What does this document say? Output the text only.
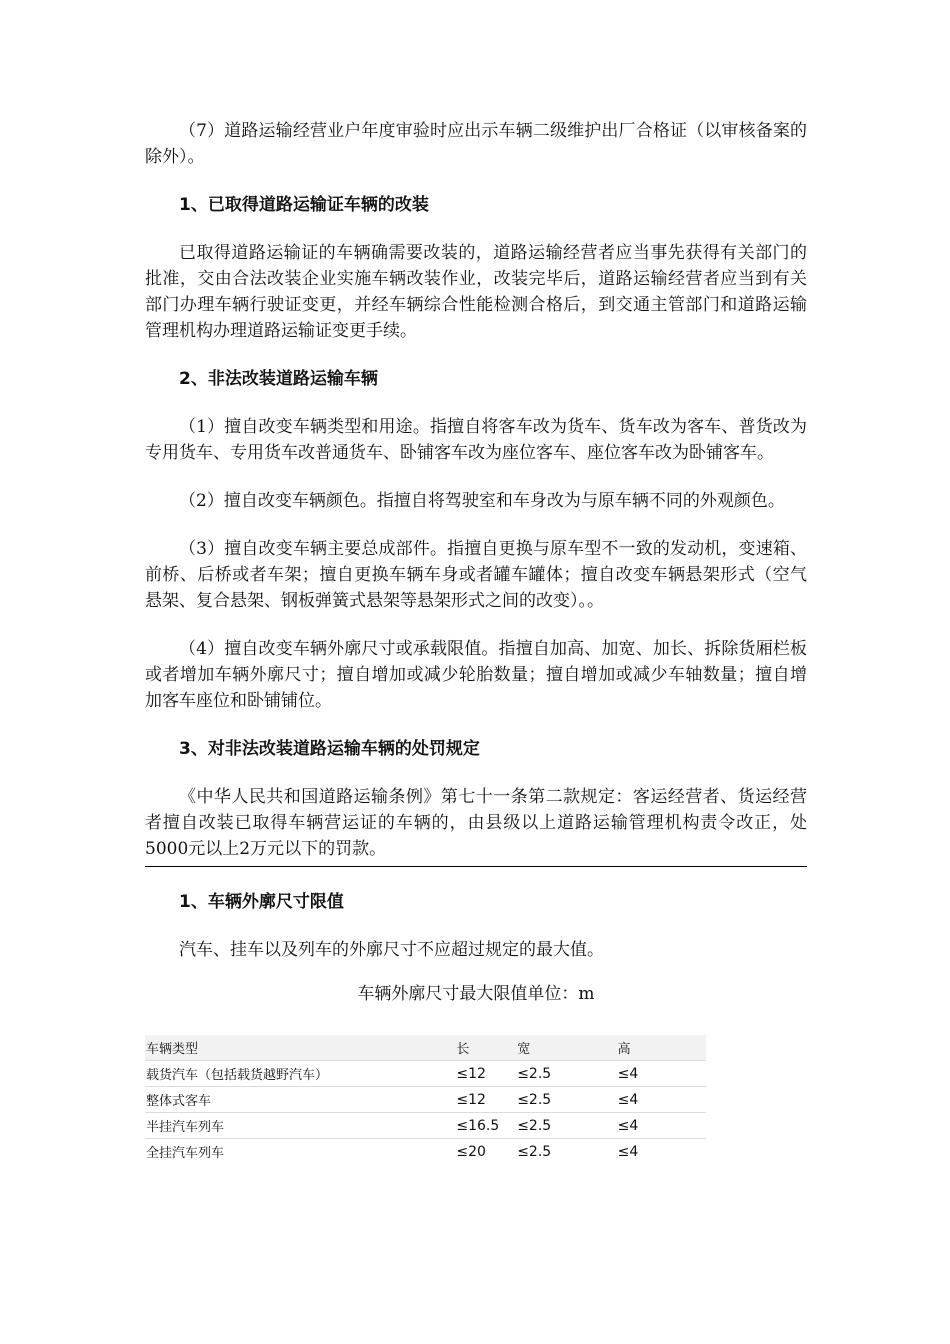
（7）道路运输经营业户年度审验时应出示车辆二级维护出厂合格证（以审核备案的除外）。

1、已取得道路运输证车辆的改装

已取得道路运输证的车辆确需要改装的，道路运输经营者应当事先获得有关部门的批准，交由合法改装企业实施车辆改装作业，改装完毕后，道路运输经营者应当到有关部门办理车辆行驶证变更，并经车辆综合性能检测合格后，到交通主管部门和道路运输管理机构办理道路运输证变更手续。

2、非法改装道路运输车辆

（1）擅自改变车辆类型和用途。指擅自将客车改为货车、货车改为客车、普货改为专用货车、专用货车改普通货车、卧铺客车改为座位客车、座位客车改为卧铺客车。

（2）擅自改变车辆颜色。指擅自将驾驶室和车身改为与原车辆不同的外观颜色。

（3）擅自改变车辆主要总成部件。指擅自更换与原车型不一致的发动机，变速箱、前桥、后桥或者车架；擅自更换车辆车身或者罐车罐体；擅自改变车辆悬架形式（空气悬架、复合悬架、钢板弹簧式悬架等悬架形式之间的改变）。。

（4）擅自改变车辆外廓尺寸或承载限值。指擅自加高、加宽、加长、拆除货厢栏板或者增加车辆外廓尺寸；擅自增加或减少轮胎数量；擅自增加或减少车轴数量；擅自增加客车座位和卧铺铺位。

3、对非法改装道路运输车辆的处罚规定

《中华人民共和国道路运输条例》第七十一条第二款规定：客运经营者、货运经营者擅自改装已取得车辆营运证的车辆的，由县级以上道路运输管理机构责令改正，处5000元以上2万元以下的罚款。

1、车辆外廓尺寸限值

汽车、挂车以及列车的外廓尺寸不应超过规定的最大值。

车辆外廓尺寸最大限值单位：m

车辆类型	长	宽	高
载货汽车（包括载货越野汽车）	≤12	≤2.5	≤4
整体式客车	≤12	≤2.5	≤4
半挂汽车列车	≤16.5	≤2.5	≤4
全挂汽车列车	≤20	≤2.5	≤4
